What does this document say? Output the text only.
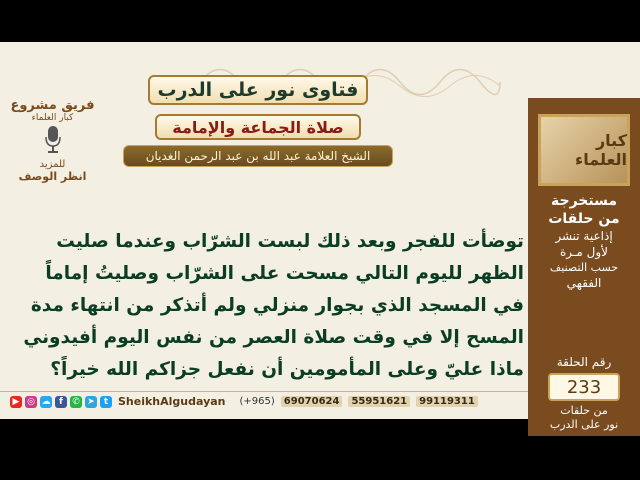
فريق مشروع
كبار العلماء
للمزيد
انظر الوصف
فتاوى نور على الدرب
صلاة الجماعة والإمامة
الشيخ العلامة عبد الله بن عبد الرحمن الغديان
كبار العلماء
مستخرجة
من حلقات
إذاعية تنشر
لأول مـرة
حسب التصنيف
الفقهي
رقم الحلقة
233
من حلقات
نور على الدرب
توضأت للفجر وبعد ذلك لبست الشرّاب وعندما صليت
الظهر لليوم التالي مسحت على الشرّاب وصليتُ إماماً
في المسجد الذي بجوار منزلي ولم أتذكر من انتهاء مدة
المسح إلا في وقت صلاة العصر من نفس اليوم أفيدوني
ماذا عليّ وعلى المأمومين أن نفعل جزاكم الله خيراً؟
▶ ◎ ☁ f	✆ ➤	t SheikhAlgudayan (+965) 69070624	55951621	99119311
